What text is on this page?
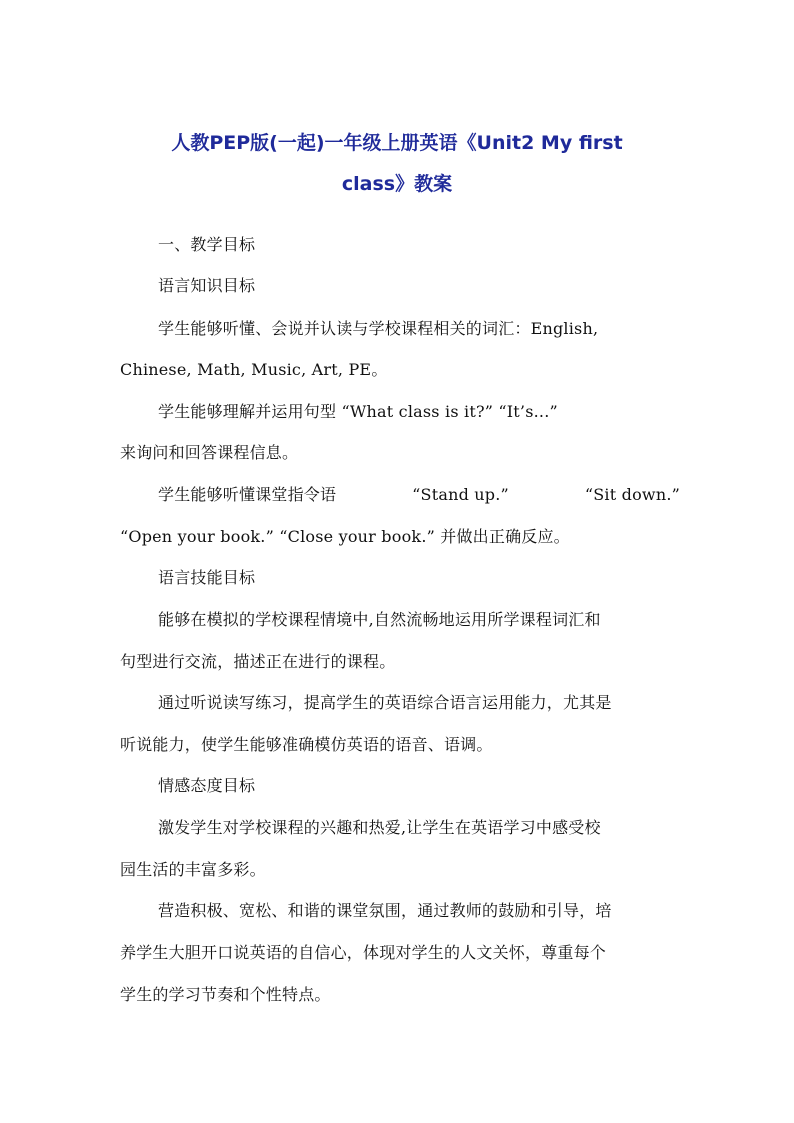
人教PEP版(一起)一年级上册英语《Unit2 My first
class》教案
一、教学目标
语言知识目标
学生能够听懂、会说并认读与学校课程相关的词汇：English,
Chinese, Math, Music, Art, PE。
学生能够理解并运用句型 “What class is it?” “It’s...”
来询问和回答课程信息。
学生能够听懂课堂指令语	“Stand up.”	“Sit down.”
“Open your book.” “Close your book.” 并做出正确反应。
语言技能目标
能够在模拟的学校课程情境中,自然流畅地运用所学课程词汇和
句型进行交流，描述正在进行的课程。
通过听说读写练习，提高学生的英语综合语言运用能力，尤其是
听说能力，使学生能够准确模仿英语的语音、语调。
情感态度目标
激发学生对学校课程的兴趣和热爱,让学生在英语学习中感受校
园生活的丰富多彩。
营造积极、宽松、和谐的课堂氛围，通过教师的鼓励和引导，培
养学生大胆开口说英语的自信心，体现对学生的人文关怀，尊重每个
学生的学习节奏和个性特点。
